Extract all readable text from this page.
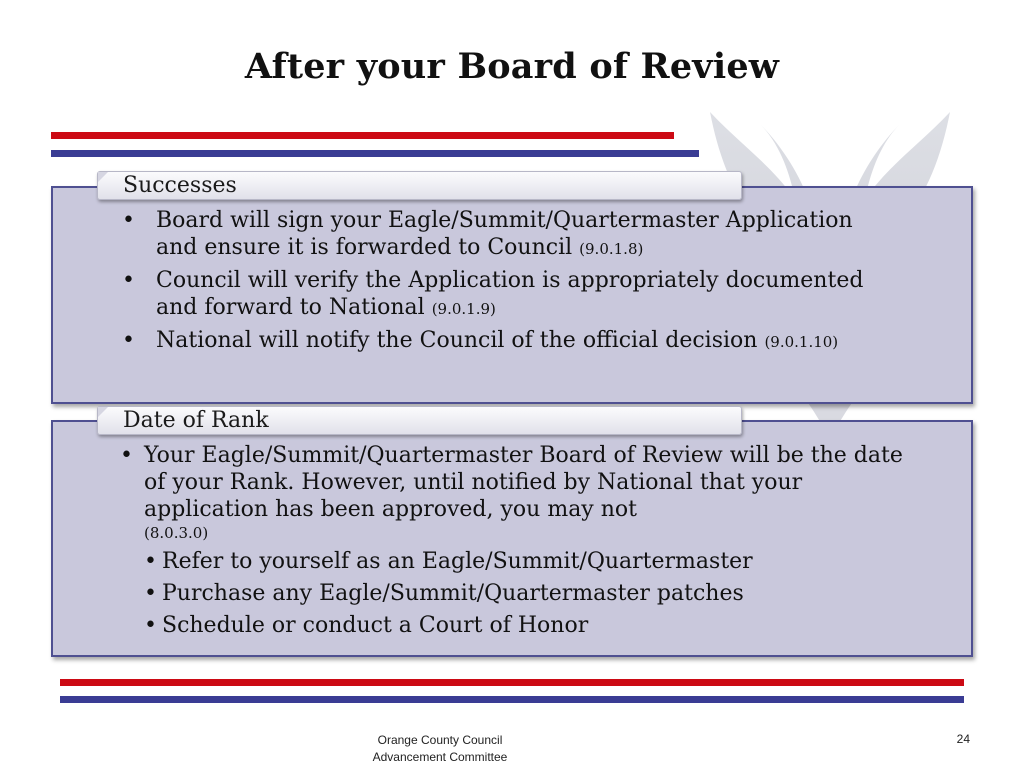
After your Board of Review
Successes
• Board will sign your Eagle/Summit/Quartermaster Application and ensure it is forwarded to Council (9.0.1.8)
• Council will verify the Application is appropriately documented and forward to National (9.0.1.9)
• National will notify the Council of the official decision (9.0.1.10)
Date of Rank
• Your Eagle/Summit/Quartermaster Board of Review will be the date of your Rank. However, until notified by National that your application has been approved, you may not
(8.0.3.0)
• Refer to yourself as an Eagle/Summit/Quartermaster
• Purchase any Eagle/Summit/Quartermaster patches
• Schedule or conduct a Court of Honor
Orange County Council
Advancement Committee
24
